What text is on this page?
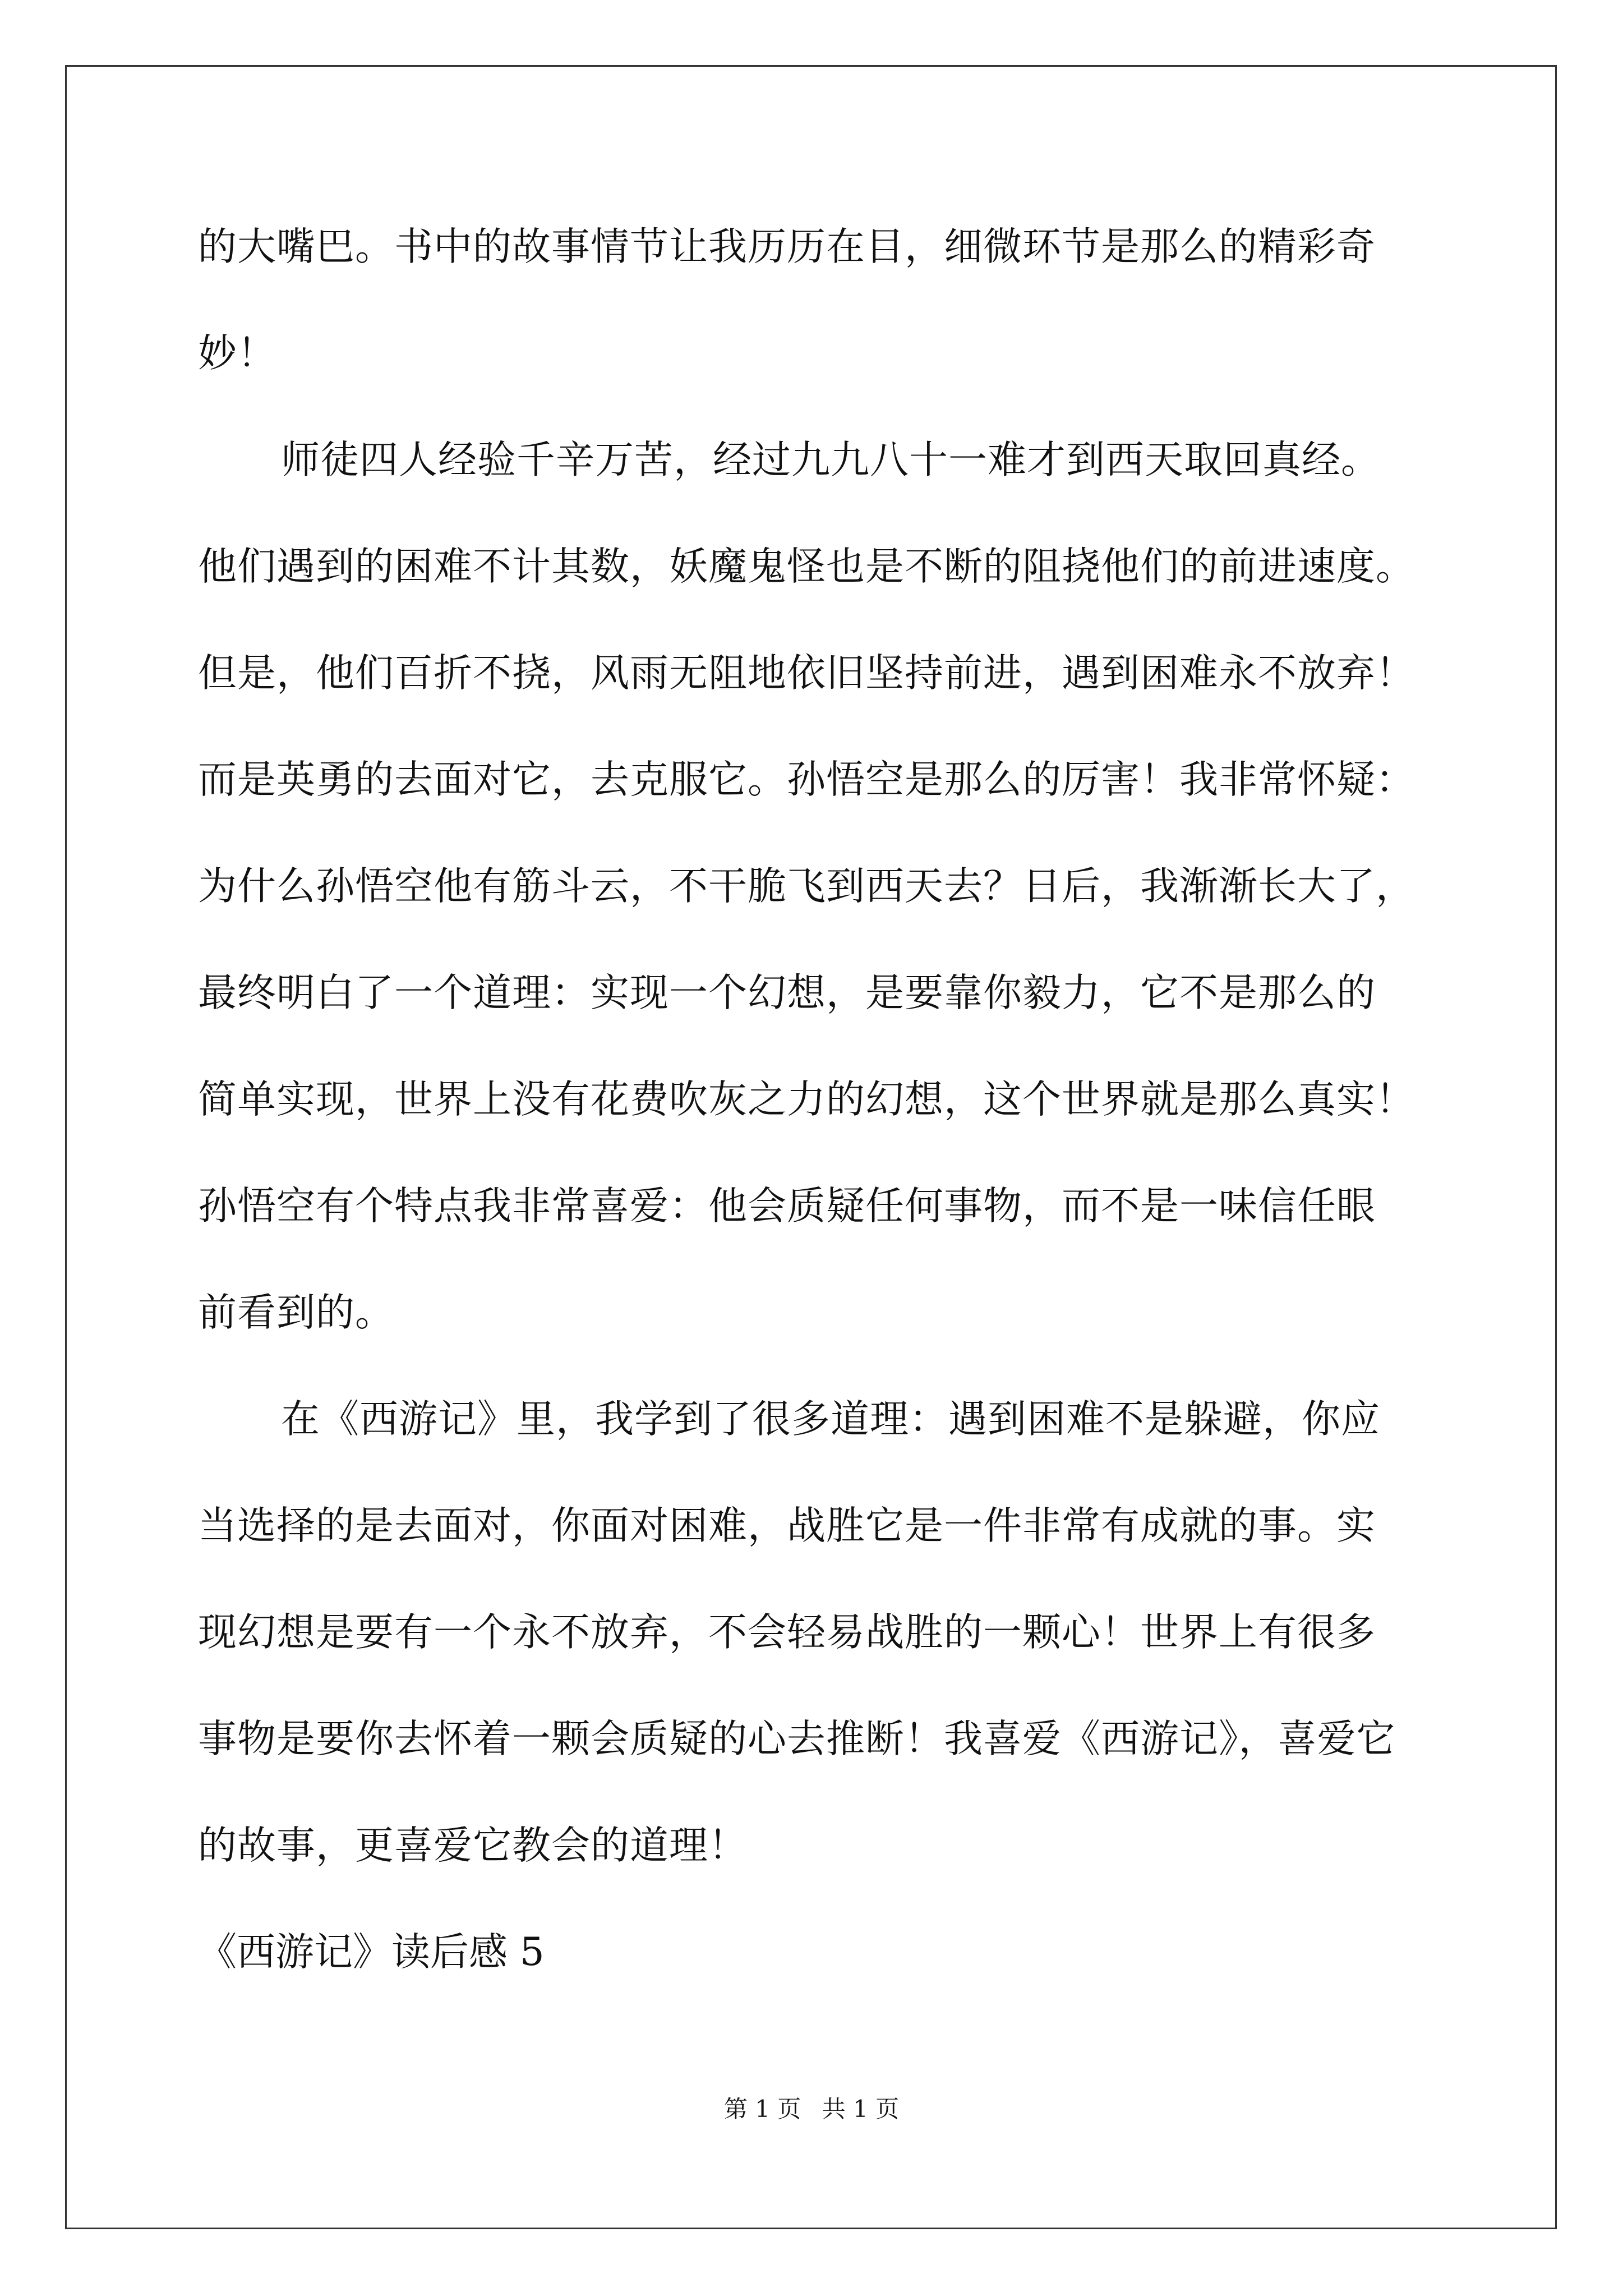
的大嘴巴。书中的故事情节让我历历在目，细微环节是那么的精彩奇
妙！
师徒四人经验千辛万苦，经过九九八十一难才到西天取回真经。
他们遇到的困难不计其数，妖魔鬼怪也是不断的阻挠他们的前进速度。
但是，他们百折不挠，风雨无阻地依旧坚持前进，遇到困难永不放弃！
而是英勇的去面对它，去克服它。孙悟空是那么的厉害！我非常怀疑：
为什么孙悟空他有筋斗云，不干脆飞到西天去？日后，我渐渐长大了，
最终明白了一个道理：实现一个幻想，是要靠你毅力，它不是那么的
简单实现，世界上没有花费吹灰之力的幻想，这个世界就是那么真实！
孙悟空有个特点我非常喜爱：他会质疑任何事物，而不是一味信任眼
前看到的。
在《西游记》里，我学到了很多道理：遇到困难不是躲避，你应
当选择的是去面对，你面对困难，战胜它是一件非常有成就的事。实
现幻想是要有一个永不放弃，不会轻易战胜的一颗心！世界上有很多
事物是要你去怀着一颗会质疑的心去推断！我喜爱《西游记》，喜爱它
的故事，更喜爱它教会的道理！
《西游记》读后感 5
第 1 页 共 1 页
